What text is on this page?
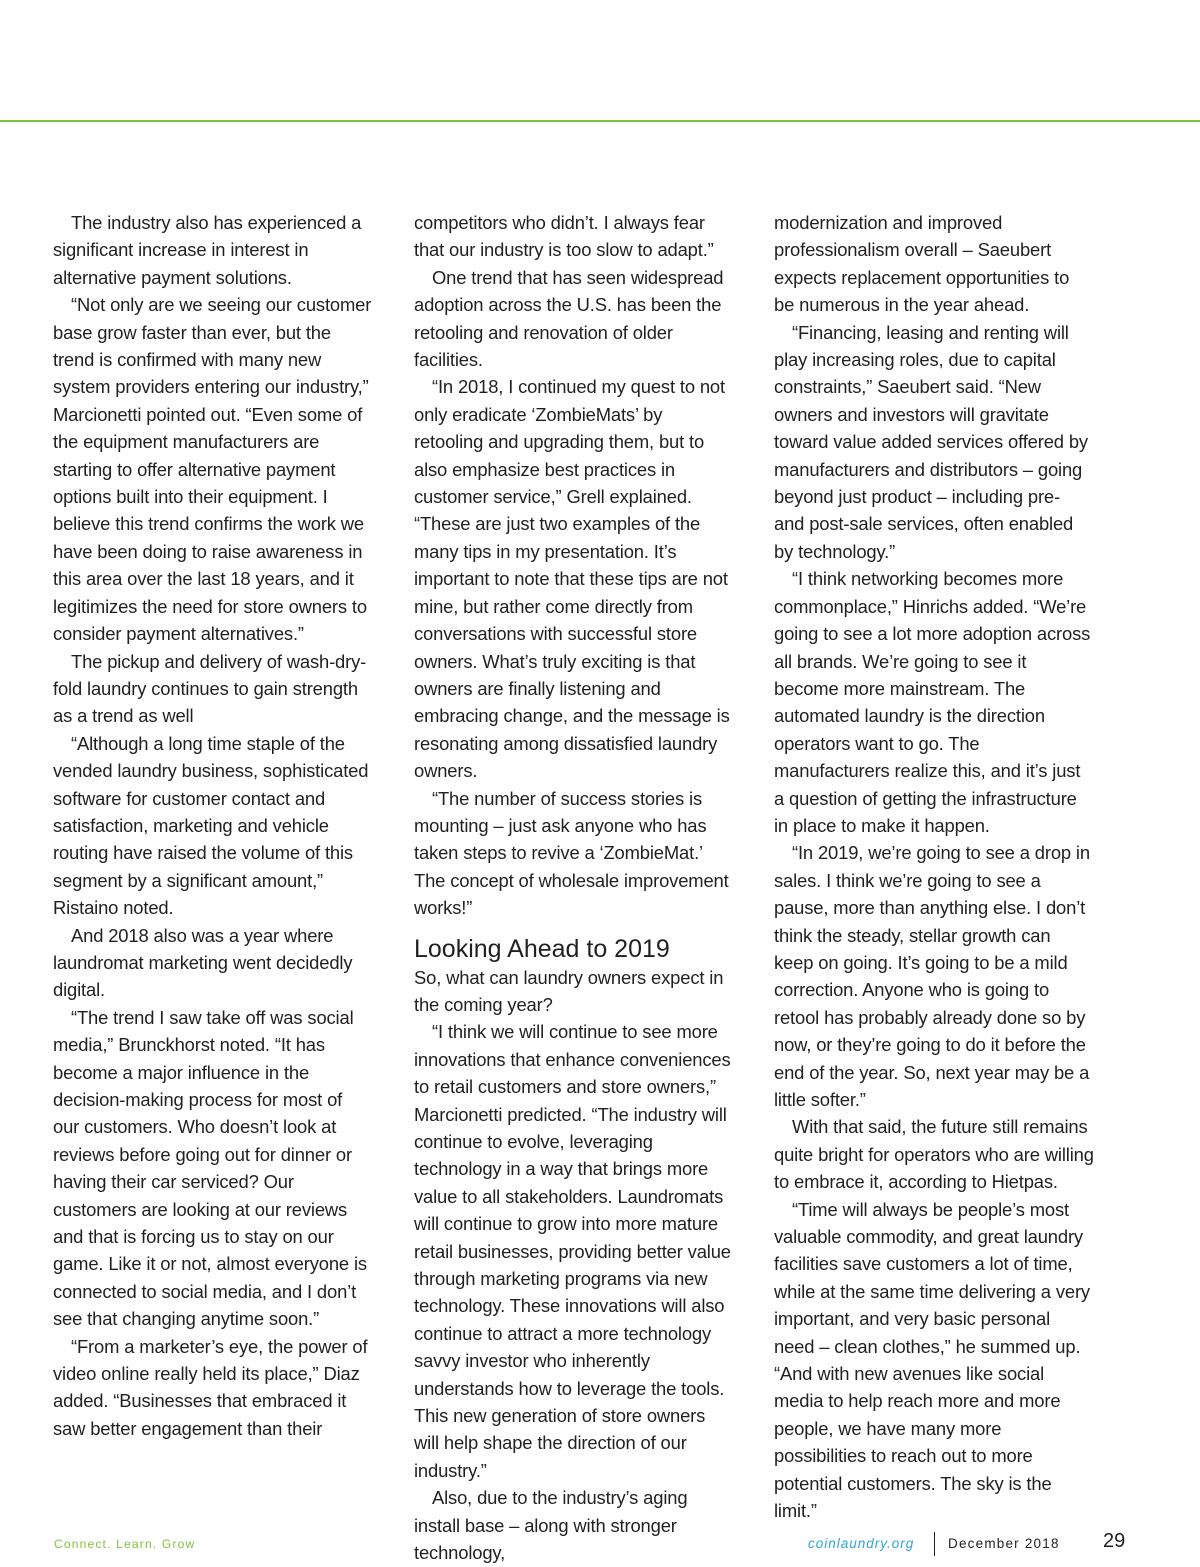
The industry also has experienced a significant increase in interest in alternative payment solutions.

“Not only are we seeing our customer base grow faster than ever, but the trend is confirmed with many new system providers entering our industry,” Marcionetti pointed out. “Even some of the equipment manufacturers are starting to offer alternative payment options built into their equipment. I believe this trend confirms the work we have been doing to raise awareness in this area over the last 18 years, and it legitimizes the need for store owners to consider payment alternatives.”

The pickup and delivery of wash-dry-fold laundry continues to gain strength as a trend as well

“Although a long time staple of the vended laundry business, sophisticated software for customer contact and satisfaction, marketing and vehicle routing have raised the volume of this segment by a significant amount,” Ristaino noted.

And 2018 also was a year where laundromat marketing went decidedly digital.

“The trend I saw take off was social media,” Brunckhorst noted. “It has become a major influence in the decision-making process for most of our customers. Who doesn’t look at reviews before going out for dinner or having their car serviced? Our customers are looking at our reviews and that is forcing us to stay on our game. Like it or not, almost everyone is connected to social media, and I don’t see that changing anytime soon.”

“From a marketer’s eye, the power of video online really held its place,” Diaz added. “Businesses that embraced it saw better engagement than their

competitors who didn’t. I always fear that our industry is too slow to adapt.”

One trend that has seen widespread adoption across the U.S. has been the retooling and renovation of older facilities.

“In 2018, I continued my quest to not only eradicate ‘ZombieMats’ by retooling and upgrading them, but to also emphasize best practices in customer service,” Grell explained. “These are just two examples of the many tips in my presentation. It’s important to note that these tips are not mine, but rather come directly from conversations with successful store owners. What’s truly exciting is that owners are finally listening and embracing change, and the message is resonating among dissatisfied laundry owners.

“The number of success stories is mounting – just ask anyone who has taken steps to revive a ‘ZombieMat.’ The concept of wholesale improvement works!”

Looking Ahead to 2019

So, what can laundry owners expect in the coming year?

“I think we will continue to see more innovations that enhance conveniences to retail customers and store owners,” Marcionetti predicted. “The industry will continue to evolve, leveraging technology in a way that brings more value to all stakeholders. Laundromats will continue to grow into more mature retail businesses, providing better value through marketing programs via new technology. These innovations will also continue to attract a more technology savvy investor who inherently understands how to leverage the tools. This new generation of store owners will help shape the direction of our industry.”

Also, due to the industry’s aging install base – along with stronger technology,

modernization and improved professionalism overall – Saeubert expects replacement opportunities to be numerous in the year ahead.

“Financing, leasing and renting will play increasing roles, due to capital constraints,” Saeubert said. “New owners and investors will gravitate toward value added services offered by manufacturers and distributors – going beyond just product – including pre- and post-sale services, often enabled by technology.”

“I think networking becomes more commonplace,” Hinrichs added. “We’re going to see a lot more adoption across all brands. We’re going to see it become more mainstream. The automated laundry is the direction operators want to go. The manufacturers realize this, and it’s just a question of getting the infrastructure in place to make it happen.

“In 2019, we’re going to see a drop in sales. I think we’re going to see a pause, more than anything else. I don’t think the steady, stellar growth can keep on going. It’s going to be a mild correction. Anyone who is going to retool has probably already done so by now, or they’re going to do it before the end of the year. So, next year may be a little softer.”

With that said, the future still remains quite bright for operators who are willing to embrace it, according to Hietpas.

“Time will always be people’s most valuable commodity, and great laundry facilities save customers a lot of time, while at the same time delivering a very important, and very basic personal need – clean clothes,” he summed up. “And with new avenues like social media to help reach more and more people, we have many more possibilities to reach out to more potential customers. The sky is the limit.”

Connect. Learn. Grow	coinlaundry.org December 2018 29
